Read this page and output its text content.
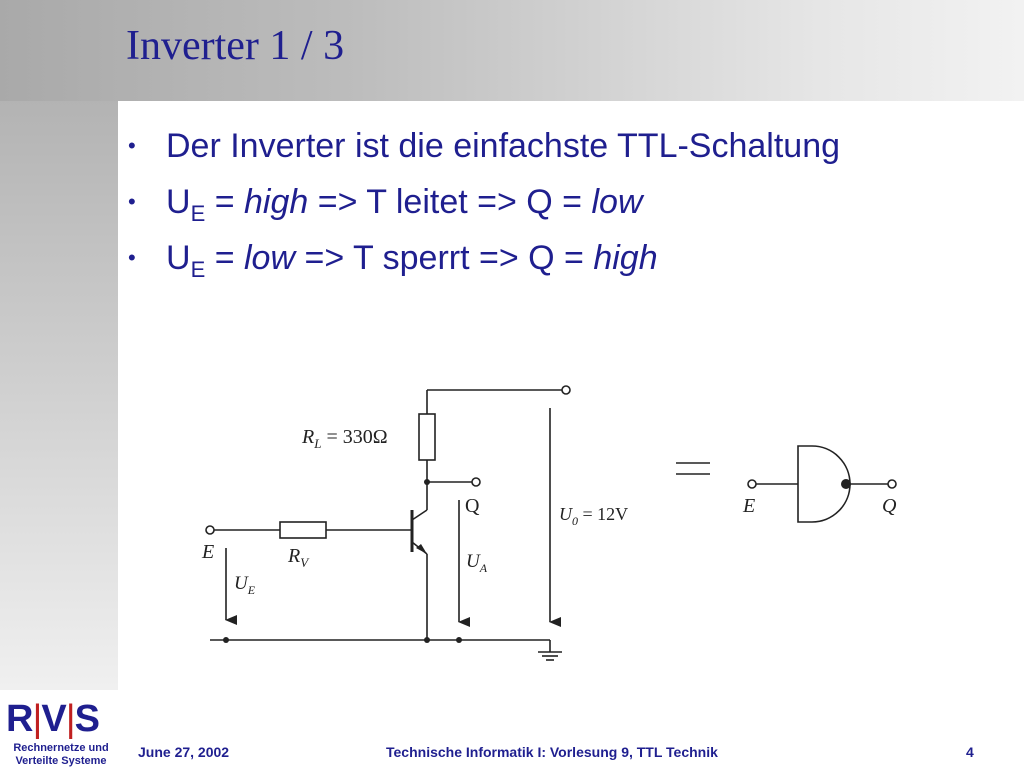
Inverter 1 / 3
• Der Inverter ist die einfachste TTL-Schaltung
• $U_E$ = high => T leitet => Q = low
• $U_E$ = low => T sperrt => Q = high
$R_L = 330\Omega$
E	$R_V$
$U_E$
Q
$U_A$
$U_0 = 12V$	E	Q
R|V|S
Rechnernetze und
Verteilte Systeme
June 27, 2002	Technische Informatik I: Vorlesung 9, TTL Technik	4
